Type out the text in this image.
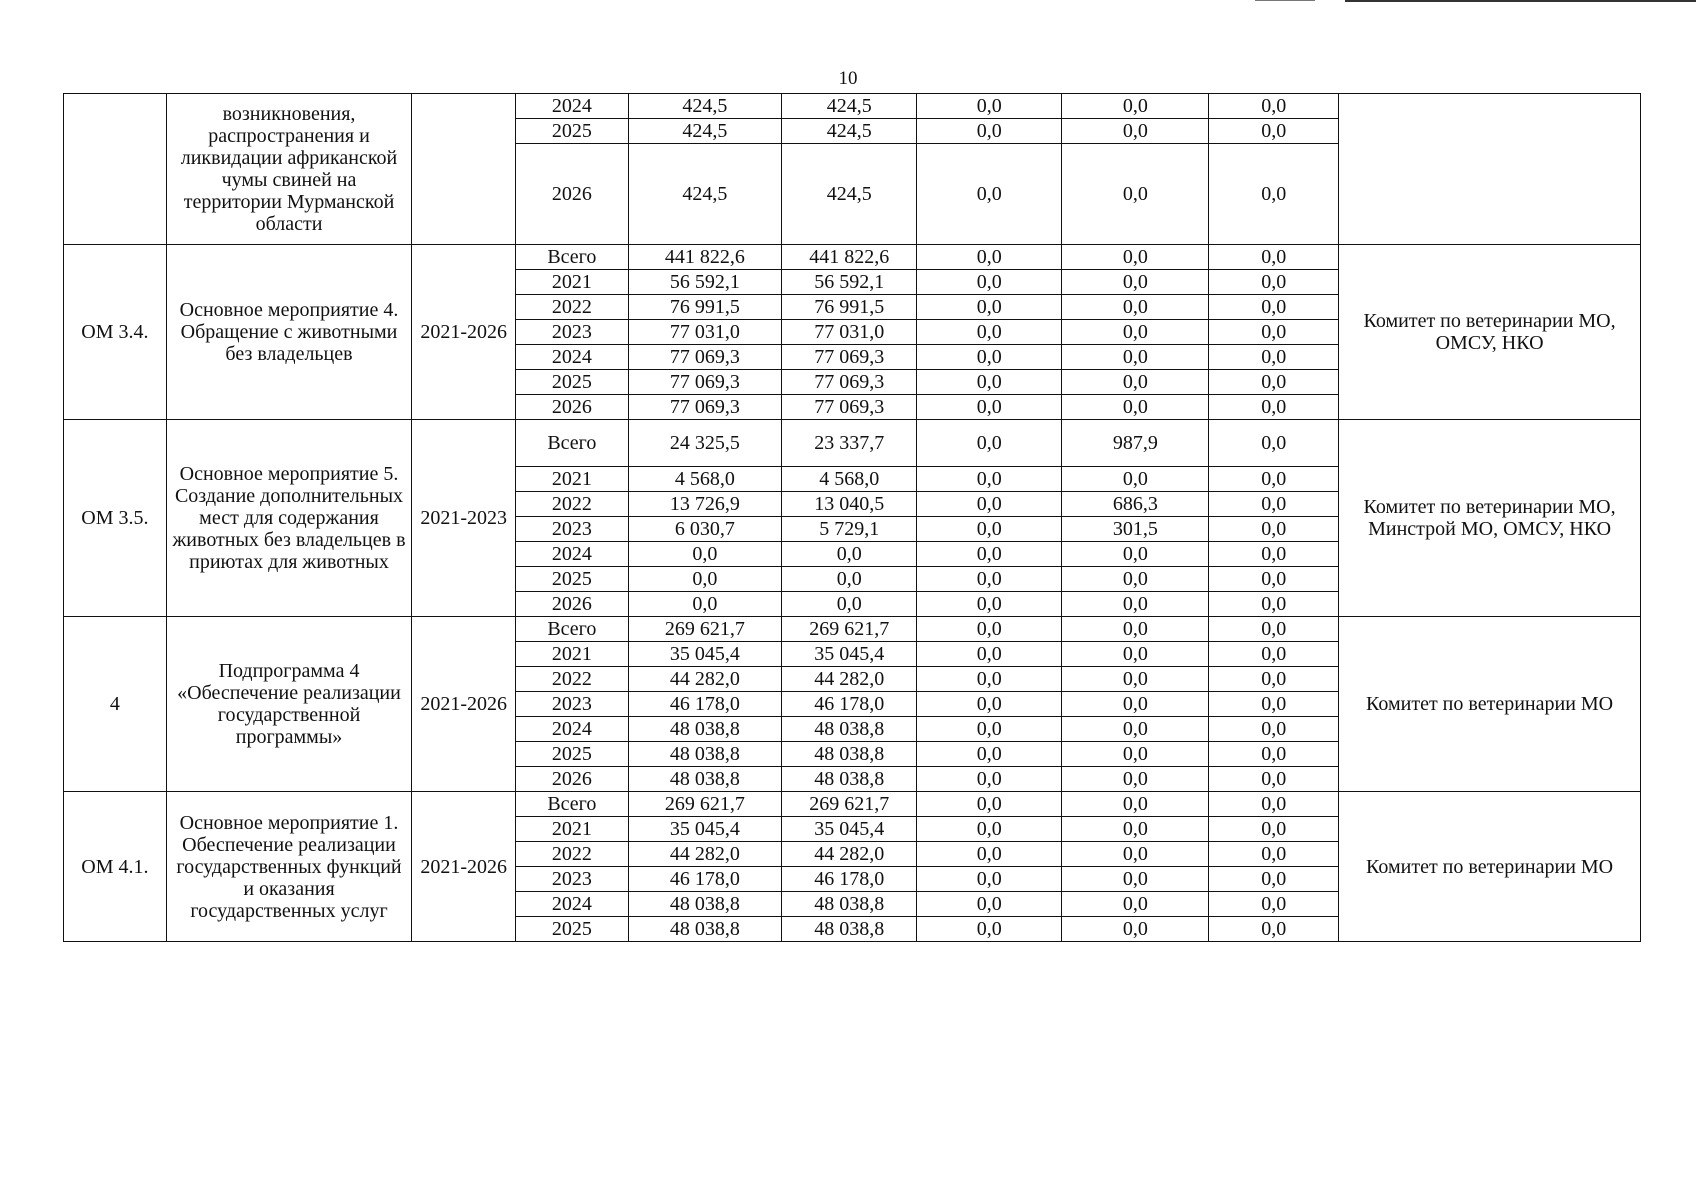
10
	возникновения, распространения и ликвидации африканской чумы свиней на территории Мурманской области		2024	424,5	424,5	0,0	0,0	0,0	
			2025	424,5	424,5	0,0	0,0	0,0	
			2026	424,5	424,5	0,0	0,0	0,0	
ОМ 3.4.	Основное мероприятие 4. Обращение с животными без владельцев	2021-2026	Всего	441 822,6	441 822,6	0,0	0,0	0,0	Комитет по ветеринарии МО, ОМСУ, НКО
			2021	56 592,1	56 592,1	0,0	0,0	0,0	
			2022	76 991,5	76 991,5	0,0	0,0	0,0	
			2023	77 031,0	77 031,0	0,0	0,0	0,0	
			2024	77 069,3	77 069,3	0,0	0,0	0,0	
			2025	77 069,3	77 069,3	0,0	0,0	0,0	
			2026	77 069,3	77 069,3	0,0	0,0	0,0	
ОМ 3.5.	Основное мероприятие 5. Создание дополнительных мест для содержания животных без владельцев в приютах для животных	2021-2023	Всего	24 325,5	23 337,7	0,0	987,9	0,0	Комитет по ветеринарии МО, Минстрой МО, ОМСУ, НКО
			2021	4 568,0	4 568,0	0,0	0,0	0,0	
			2022	13 726,9	13 040,5	0,0	686,3	0,0	
			2023	6 030,7	5 729,1	0,0	301,5	0,0	
			2024	0,0	0,0	0,0	0,0	0,0	
			2025	0,0	0,0	0,0	0,0	0,0	
			2026	0,0	0,0	0,0	0,0	0,0	
4	Подпрограмма 4 «Обеспечение реализации государственной программы»	2021-2026	Всего	269 621,7	269 621,7	0,0	0,0	0,0	Комитет по ветеринарии МО
			2021	35 045,4	35 045,4	0,0	0,0	0,0	
			2022	44 282,0	44 282,0	0,0	0,0	0,0	
			2023	46 178,0	46 178,0	0,0	0,0	0,0	
			2024	48 038,8	48 038,8	0,0	0,0	0,0	
			2025	48 038,8	48 038,8	0,0	0,0	0,0	
			2026	48 038,8	48 038,8	0,0	0,0	0,0	
ОМ 4.1.	Основное мероприятие 1. Обеспечение реализации государственных функций и оказания государственных услуг	2021-2026	Всего	269 621,7	269 621,7	0,0	0,0	0,0	Комитет по ветеринарии МО
			2021	35 045,4	35 045,4	0,0	0,0	0,0	
			2022	44 282,0	44 282,0	0,0	0,0	0,0	
			2023	46 178,0	46 178,0	0,0	0,0	0,0	
			2024	48 038,8	48 038,8	0,0	0,0	0,0	
			2025	48 038,8	48 038,8	0,0	0,0	0,0	
